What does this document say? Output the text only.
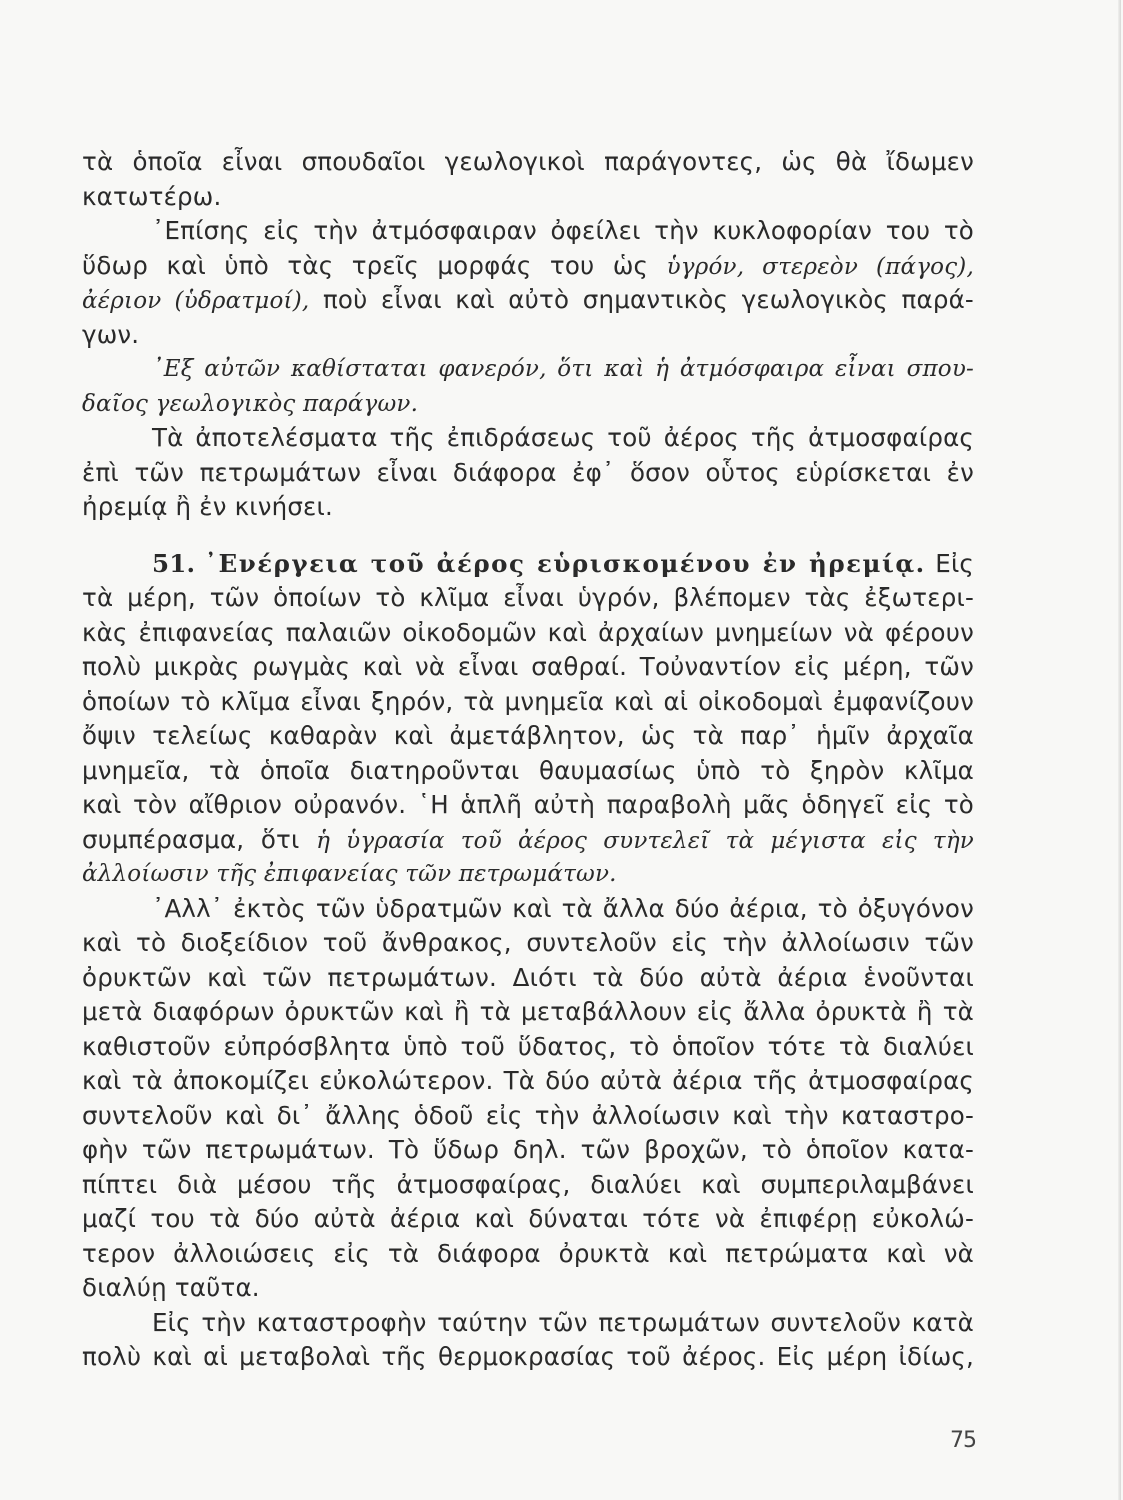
τὰ ὁποῖα εἶναι σπουδαῖοι γεωλογικοὶ παράγοντες, ὡς θὰ ἴδωμεν
κατωτέρω.
᾿Επίσης εἰς τὴν ἀτμόσφαιραν ὀφείλει τὴν κυκλοφορίαν του τὸ
ὕδωρ καὶ ὑπὸ τὰς τρεῖς μορφάς του ὡς ὑγρόν, στερεὸν (πάγος),
ἀέριον (ὑδρατμοί), ποὺ εἶναι καὶ αὐτὸ σημαντικὸς γεωλογικὸς παρά-
γων.
᾿Εξ αὐτῶν καθίσταται φανερόν, ὅτι καὶ ἡ ἀτμόσφαιρα εἶναι σπου-
δαῖος γεωλογικὸς παράγων.
Τὰ ἀποτελέσματα τῆς ἐπιδράσεως τοῦ ἀέρος τῆς ἀτμοσφαίρας
ἐπὶ τῶν πετρωμάτων εἶναι διάφορα ἐφ᾿ ὅσον οὗτος εὑρίσκεται ἐν
ἠρεμίᾳ ἢ ἐν κινήσει.
51. ᾿Ενέργεια τοῦ ἀέρος εὑρισκομένου ἐν ἠρεμίᾳ. Εἰς
τὰ μέρη, τῶν ὁποίων τὸ κλῖμα εἶναι ὑγρόν, βλέπομεν τὰς ἐξωτερι-
κὰς ἐπιφανείας παλαιῶν οἰκοδομῶν καὶ ἀρχαίων μνημείων νὰ φέρουν
πολὺ μικρὰς ρωγμὰς καὶ νὰ εἶναι σαθραί. Τοὐναντίον εἰς μέρη, τῶν
ὁποίων τὸ κλῖμα εἶναι ξηρόν, τὰ μνημεῖα καὶ αἱ οἰκοδομαὶ ἐμφανίζουν
ὄψιν τελείως καθαρὰν καὶ ἀμετάβλητον, ὡς τὰ παρ᾿ ἡμῖν ἀρχαῖα
μνημεῖα, τὰ ὁποῖα διατηροῦνται θαυμασίως ὑπὸ τὸ ξηρὸν κλῖμα
καὶ τὸν αἴθριον οὐρανόν. ῾Η ἁπλῆ αὐτὴ παραβολὴ μᾶς ὁδηγεῖ εἰς τὸ
συμπέρασμα, ὅτι ἡ ὑγρασία τοῦ ἀέρος συντελεῖ τὰ μέγιστα εἰς τὴν
ἀλλοίωσιν τῆς ἐπιφανείας τῶν πετρωμάτων.
᾿Αλλ᾿ ἐκτὸς τῶν ὑδρατμῶν καὶ τὰ ἄλλα δύο ἀέρια, τὸ ὀξυγόνον
καὶ τὸ διοξείδιον τοῦ ἄνθρακος, συντελοῦν εἰς τὴν ἀλλοίωσιν τῶν
ὀρυκτῶν καὶ τῶν πετρωμάτων. Διότι τὰ δύο αὐτὰ ἀέρια ἑνοῦνται
μετὰ διαφόρων ὀρυκτῶν καὶ ἢ τὰ μεταβάλλουν εἰς ἄλλα ὀρυκτὰ ἢ τὰ
καθιστοῦν εὐπρόσβλητα ὑπὸ τοῦ ὕδατος, τὸ ὁποῖον τότε τὰ διαλύει
καὶ τὰ ἀποκομίζει εὐκολώτερον. Τὰ δύο αὐτὰ ἀέρια τῆς ἀτμοσφαίρας
συντελοῦν καὶ δι᾿ ἄλλης ὁδοῦ εἰς τὴν ἀλλοίωσιν καὶ τὴν καταστρο-
φὴν τῶν πετρωμάτων. Τὸ ὕδωρ δηλ. τῶν βροχῶν, τὸ ὁποῖον κατα-
πίπτει διὰ μέσου τῆς ἀτμοσφαίρας, διαλύει καὶ συμπεριλαμβάνει
μαζί του τὰ δύο αὐτὰ ἀέρια καὶ δύναται τότε νὰ ἐπιφέρῃ εὐκολώ-
τερον ἀλλοιώσεις εἰς τὰ διάφορα ὀρυκτὰ καὶ πετρώματα καὶ νὰ
διαλύῃ ταῦτα.
Εἰς τὴν καταστροφὴν ταύτην τῶν πετρωμάτων συντελοῦν κατὰ
πολὺ καὶ αἱ μεταβολαὶ τῆς θερμοκρασίας τοῦ ἀέρος. Εἰς μέρη ἰδίως,
75
